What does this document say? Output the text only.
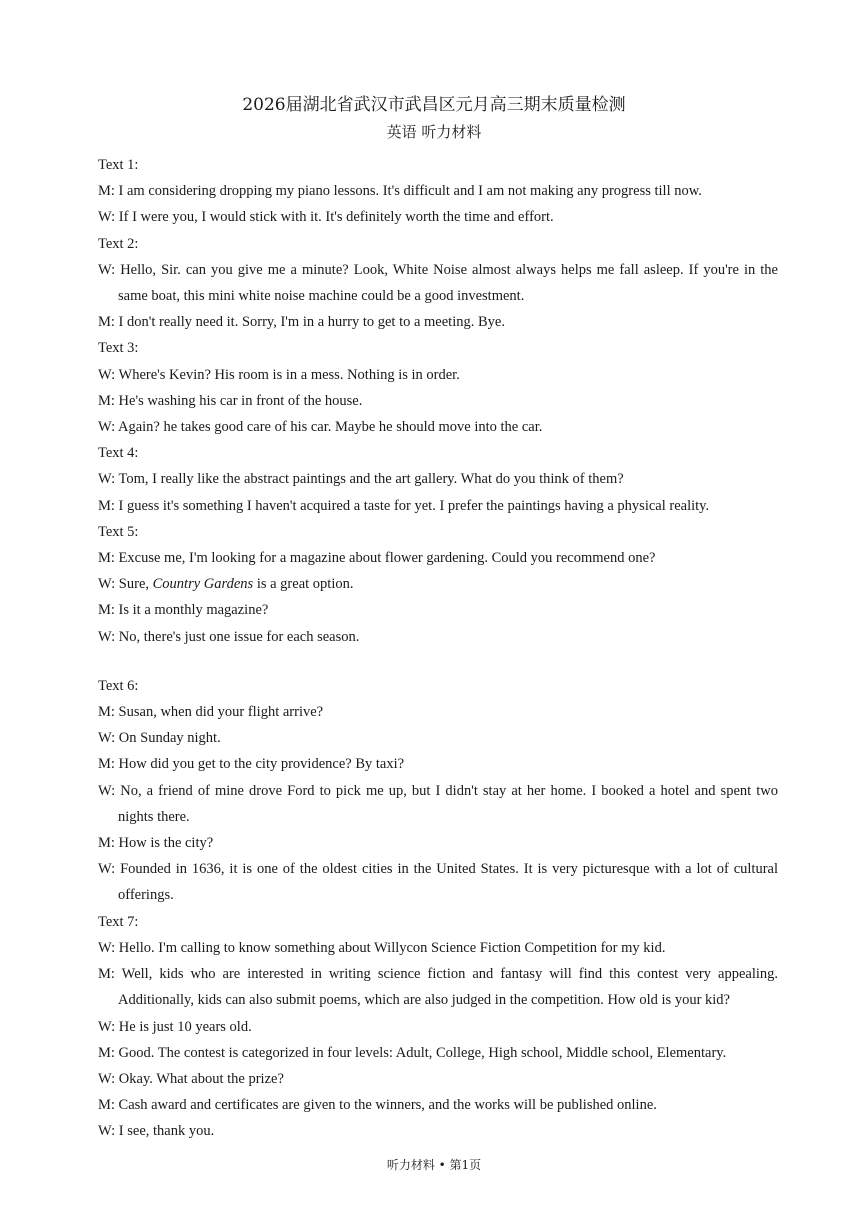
2026届湖北省武汉市武昌区元月高三期末质量检测
英语 听力材料

Text 1:

M: I am considering dropping my piano lessons. It's difficult and I am not making any progress till now.

W: If I were you, I would stick with it. It's definitely worth the time and effort.

Text 2:

W: Hello, Sir. can you give me a minute? Look, White Noise almost always helps me fall asleep. If you're in the same boat, this mini white noise machine could be a good investment.

M: I don't really need it. Sorry, I'm in a hurry to get to a meeting. Bye.

Text 3:

W: Where's Kevin? His room is in a mess. Nothing is in order.

M: He's washing his car in front of the house.

W: Again? he takes good care of his car. Maybe he should move into the car.

Text 4:

W: Tom, I really like the abstract paintings and the art gallery. What do you think of them?

M: I guess it's something I haven't acquired a taste for yet. I prefer the paintings having a physical reality.

Text 5:

M: Excuse me, I'm looking for a magazine about flower gardening. Could you recommend one?

W: Sure, Country Gardens is a great option.

M: Is it a monthly magazine?

W: No, there's just one issue for each season.

Text 6:

M: Susan, when did your flight arrive?

W: On Sunday night.

M: How did you get to the city providence? By taxi?

W: No, a friend of mine drove Ford to pick me up, but I didn't stay at her home. I booked a hotel and spent two nights there.

M: How is the city?

W: Founded in 1636, it is one of the oldest cities in the United States. It is very picturesque with a lot of cultural offerings.

Text 7:

W: Hello. I'm calling to know something about Willycon Science Fiction Competition for my kid.

M: Well, kids who are interested in writing science fiction and fantasy will find this contest very appealing. Additionally, kids can also submit poems, which are also judged in the competition. How old is your kid?

W: He is just 10 years old.

M: Good. The contest is categorized in four levels: Adult, College, High school, Middle school, Elementary.

W: Okay. What about the prize?

M: Cash award and certificates are given to the winners, and the works will be published online.

W: I see, thank you.

听力材料 • 第1页
